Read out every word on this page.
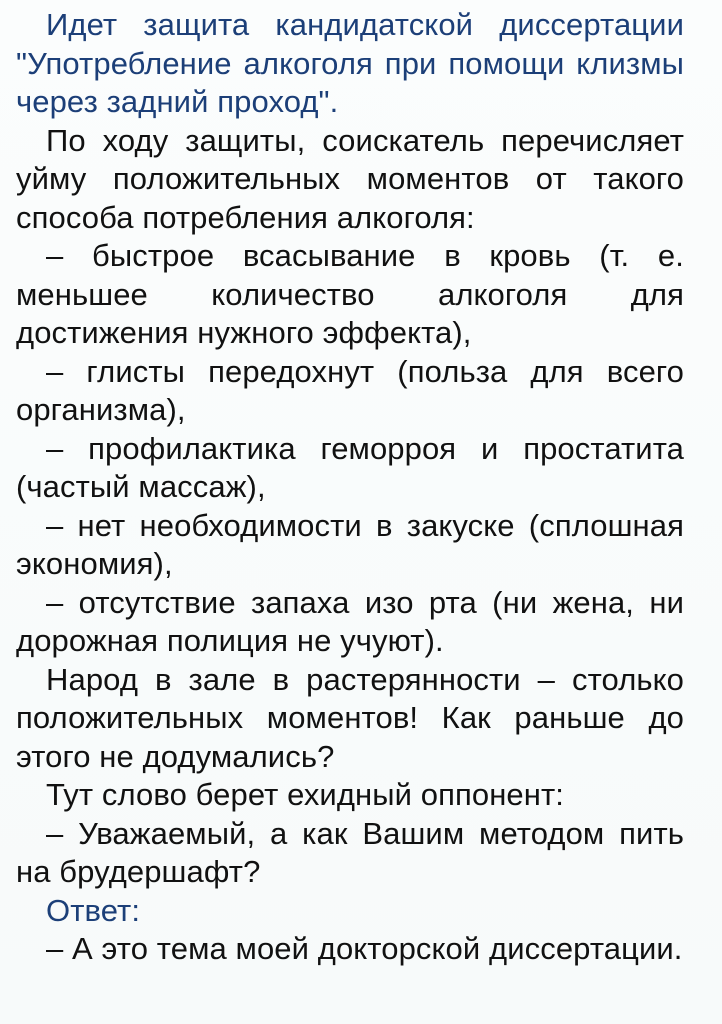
Идет защита кандидатской диссертации "Употребление алкоголя при помощи клизмы через задний проход".

По ходу защиты, соискатель перечисляет уйму положительных моментов от такого способа потребления алкоголя:

– быстрое всасывание в кровь (т. е. меньшее количество алкоголя для достижения нужного эффекта),

– глисты передохнут (польза для всего организма),

– профилактика геморроя и простатита (частый массаж),

– нет необходимости в закуске (сплошная экономия),

– отсутствие запаха изо рта (ни жена, ни дорожная полиция не учуют).

Народ в зале в растерянности – столько положительных моментов! Как раньше до этого не додумались?

Тут слово берет ехидный оппонент:

– Уважаемый, а как Вашим методом пить на брудершафт?

Ответ:

– А это тема моей докторской диссертации.
